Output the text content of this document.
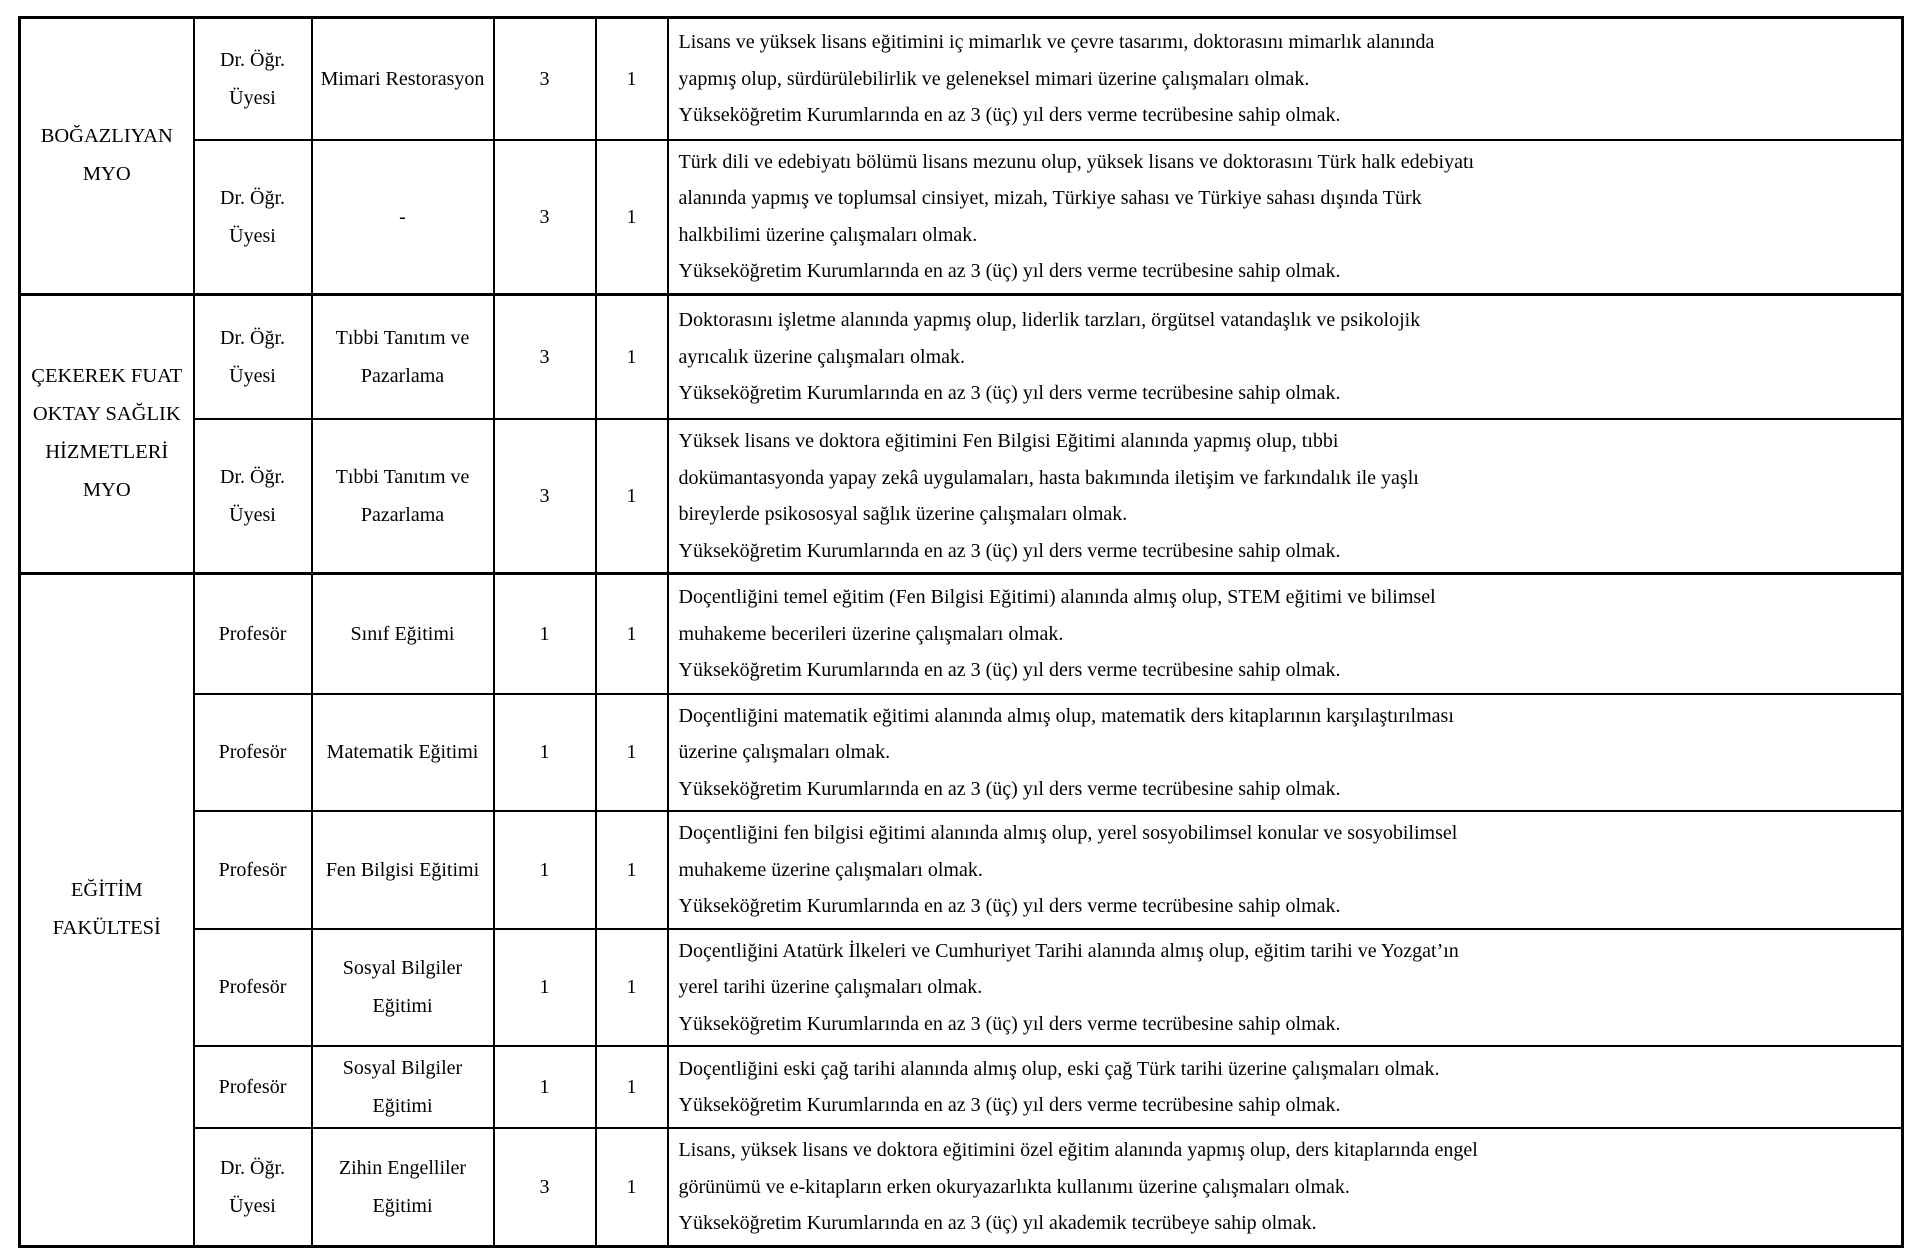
BOĞAZLIYAN MYO	Dr. Öğr. Üyesi	Mimari Restorasyon	3	1	Lisans ve yüksek lisans eğitimini iç mimarlık ve çevre tasarımı, doktorasını mimarlık alanında
yapmış olup, sürdürülebilirlik ve geleneksel mimari üzerine çalışmaları olmak.
Yükseköğretim Kurumlarında en az 3 (üç) yıl ders verme tecrübesine sahip olmak.

	Dr. Öğr. Üyesi	-	3	1	Türk dili ve edebiyatı bölümü lisans mezunu olup, yüksek lisans ve doktorasını Türk halk edebiyatı
alanında yapmış ve toplumsal cinsiyet, mizah, Türkiye sahası ve Türkiye sahası dışında Türk
halkbilimi üzerine çalışmaları olmak.
Yükseköğretim Kurumlarında en az 3 (üç) yıl ders verme tecrübesine sahip olmak.

ÇEKEREK FUAT OKTAY SAĞLIK HİZMETLERİ MYO	Dr. Öğr. Üyesi	Tıbbi Tanıtım ve Pazarlama	3	1	Doktorasını işletme alanında yapmış olup, liderlik tarzları, örgütsel vatandaşlık ve psikolojik
ayrıcalık üzerine çalışmaları olmak.
Yükseköğretim Kurumlarında en az 3 (üç) yıl ders verme tecrübesine sahip olmak.

	Dr. Öğr. Üyesi	Tıbbi Tanıtım ve Pazarlama	3	1	Yüksek lisans ve doktora eğitimini Fen Bilgisi Eğitimi alanında yapmış olup, tıbbi
dokümantasyonda yapay zekâ uygulamaları, hasta bakımında iletişim ve farkındalık ile yaşlı
bireylerde psikososyal sağlık üzerine çalışmaları olmak.
Yükseköğretim Kurumlarında en az 3 (üç) yıl ders verme tecrübesine sahip olmak.

EĞİTİM FAKÜLTESİ	Profesör	Sınıf Eğitimi	1	1	Doçentliğini temel eğitim (Fen Bilgisi Eğitimi) alanında almış olup, STEM eğitimi ve bilimsel
muhakeme becerileri üzerine çalışmaları olmak.
Yükseköğretim Kurumlarında en az 3 (üç) yıl ders verme tecrübesine sahip olmak.

	Profesör	Matematik Eğitimi	1	1	Doçentliğini matematik eğitimi alanında almış olup, matematik ders kitaplarının karşılaştırılması
üzerine çalışmaları olmak.
Yükseköğretim Kurumlarında en az 3 (üç) yıl ders verme tecrübesine sahip olmak.

	Profesör	Fen Bilgisi Eğitimi	1	1	Doçentliğini fen bilgisi eğitimi alanında almış olup, yerel sosyobilimsel konular ve sosyobilimsel
muhakeme üzerine çalışmaları olmak.
Yükseköğretim Kurumlarında en az 3 (üç) yıl ders verme tecrübesine sahip olmak.

	Profesör	Sosyal Bilgiler Eğitimi	1	1	Doçentliğini Atatürk İlkeleri ve Cumhuriyet Tarihi alanında almış olup, eğitim tarihi ve Yozgat’ın
yerel tarihi üzerine çalışmaları olmak.
Yükseköğretim Kurumlarında en az 3 (üç) yıl ders verme tecrübesine sahip olmak.

	Profesör	Sosyal Bilgiler Eğitimi	1	1	Doçentliğini eski çağ tarihi alanında almış olup, eski çağ Türk tarihi üzerine çalışmaları olmak.
Yükseköğretim Kurumlarında en az 3 (üç) yıl ders verme tecrübesine sahip olmak.

	Dr. Öğr. Üyesi	Zihin Engelliler Eğitimi	3	1	Lisans, yüksek lisans ve doktora eğitimini özel eğitim alanında yapmış olup, ders kitaplarında engel
görünümü ve e-kitapların erken okuryazarlıkta kullanımı üzerine çalışmaları olmak.
Yükseköğretim Kurumlarında en az 3 (üç) yıl akademik tecrübeye sahip olmak.
